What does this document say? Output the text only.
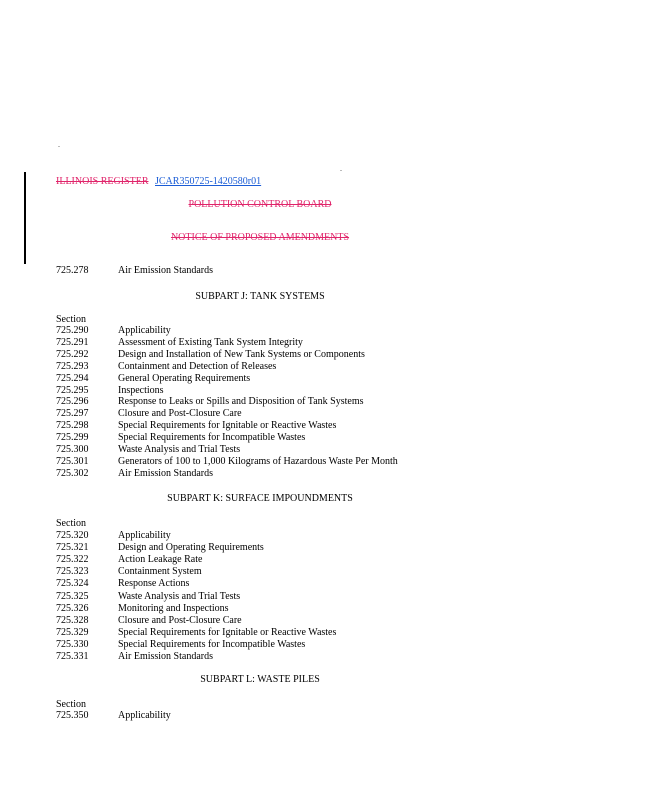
ILLINOIS REGISTER JCAR350725-1420580r01
POLLUTION CONTROL BOARD
NOTICE OF PROPOSED AMENDMENTS
725.278	Air Emission Standards
SUBPART J: TANK SYSTEMS
Section
725.290	Applicability
725.291	Assessment of Existing Tank System Integrity
725.292	Design and Installation of New Tank Systems or Components
725.293	Containment and Detection of Releases
725.294	General Operating Requirements
725.295	Inspections
725.296	Response to Leaks or Spills and Disposition of Tank Systems
725.297	Closure and Post-Closure Care
725.298	Special Requirements for Ignitable or Reactive Wastes
725.299	Special Requirements for Incompatible Wastes
725.300	Waste Analysis and Trial Tests
725.301	Generators of 100 to 1,000 Kilograms of Hazardous Waste Per Month
725.302	Air Emission Standards
SUBPART K: SURFACE IMPOUNDMENTS
Section
725.320	Applicability
725.321	Design and Operating Requirements
725.322	Action Leakage Rate
725.323	Containment System
725.324	Response Actions
725.325	Waste Analysis and Trial Tests
725.326	Monitoring and Inspections
725.328	Closure and Post-Closure Care
725.329	Special Requirements for Ignitable or Reactive Wastes
725.330	Special Requirements for Incompatible Wastes
725.331	Air Emission Standards
SUBPART L: WASTE PILES
Section
725.350	Applicability
